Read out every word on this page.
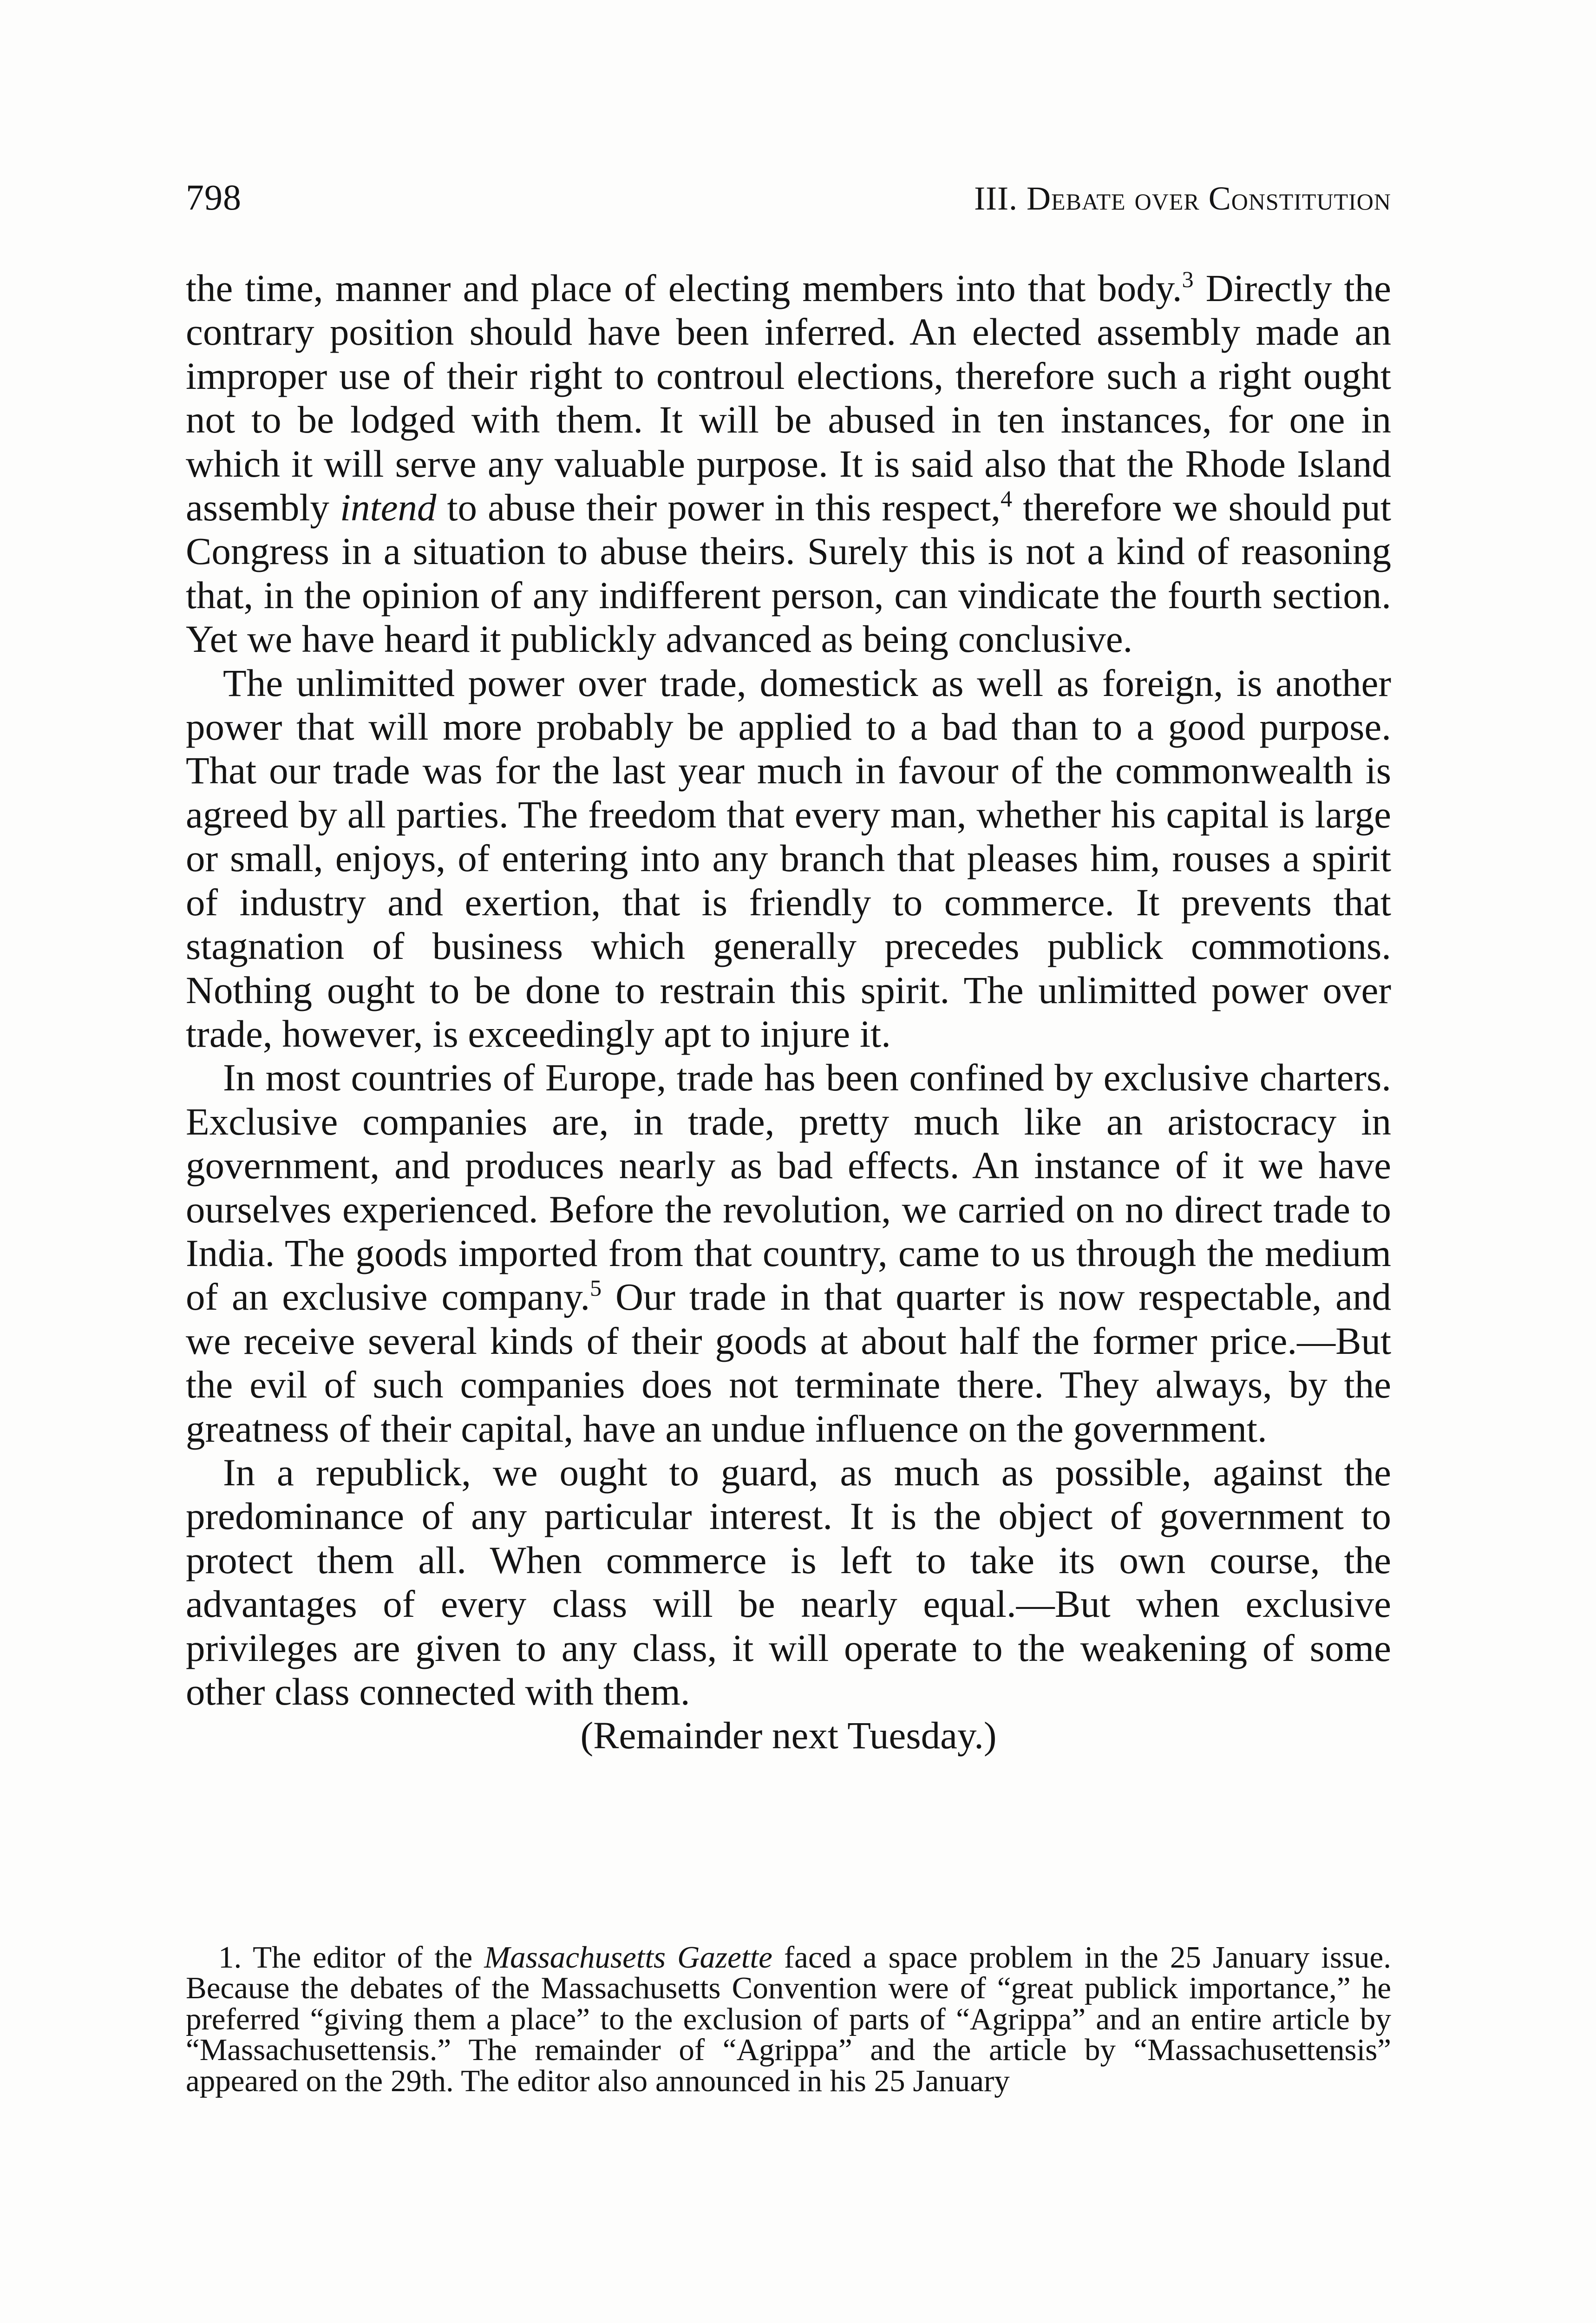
798	III. Debate over Constitution

the time, manner and place of electing members into that body.$^3$ Directly the contrary position should have been inferred. An elected assembly made an improper use of their right to controul elections, therefore such a right ought not to be lodged with them. It will be abused in ten instances, for one in which it will serve any valuable purpose. It is said also that the Rhode Island assembly intend to abuse their power in this respect,$^4$ therefore we should put Congress in a situation to abuse theirs. Surely this is not a kind of reasoning that, in the opinion of any indifferent person, can vindicate the fourth section. Yet we have heard it publickly advanced as being conclusive.

The unlimitted power over trade, domestick as well as foreign, is another power that will more probably be applied to a bad than to a good purpose. That our trade was for the last year much in favour of the commonwealth is agreed by all parties. The freedom that every man, whether his capital is large or small, enjoys, of entering into any branch that pleases him, rouses a spirit of industry and exertion, that is friendly to commerce. It prevents that stagnation of business which generally precedes publick commotions. Nothing ought to be done to restrain this spirit. The unlimitted power over trade, however, is exceedingly apt to injure it.

In most countries of Europe, trade has been confined by exclusive charters. Exclusive companies are, in trade, pretty much like an aristocracy in government, and produces nearly as bad effects. An instance of it we have ourselves experienced. Before the revolution, we carried on no direct trade to India. The goods imported from that country, came to us through the medium of an exclusive company.$^5$ Our trade in that quarter is now respectable, and we receive several kinds of their goods at about half the former price.—But the evil of such companies does not terminate there. They always, by the greatness of their capital, have an undue influence on the government.

In a republick, we ought to guard, as much as possible, against the predominance of any particular interest. It is the object of government to protect them all. When commerce is left to take its own course, the advantages of every class will be nearly equal.—But when exclusive privileges are given to any class, it will operate to the weakening of some other class connected with them.

(Remainder next Tuesday.)

1. The editor of the Massachusetts Gazette faced a space problem in the 25 January issue. Because the debates of the Massachusetts Convention were of “great publick importance,” he preferred “giving them a place” to the exclusion of parts of “Agrippa” and an entire article by “Massachusettensis.” The remainder of “Agrippa” and the article by “Massachusettensis” appeared on the 29th. The editor also announced in his 25 January
